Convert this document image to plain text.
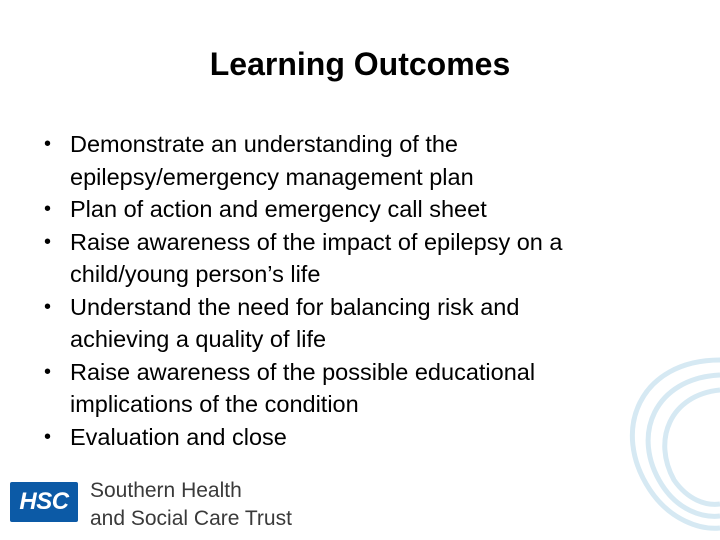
Learning Outcomes
• Demonstrate an understanding of the
epilepsy/emergency management plan
• Plan of action and emergency call sheet
• Raise awareness of the impact of epilepsy on a
child/young person’s life
• Understand the need for balancing risk and
achieving a quality of life
• Raise awareness of the possible educational
implications of the condition
• Evaluation and close
HSC	Southern Health
and Social Care Trust
